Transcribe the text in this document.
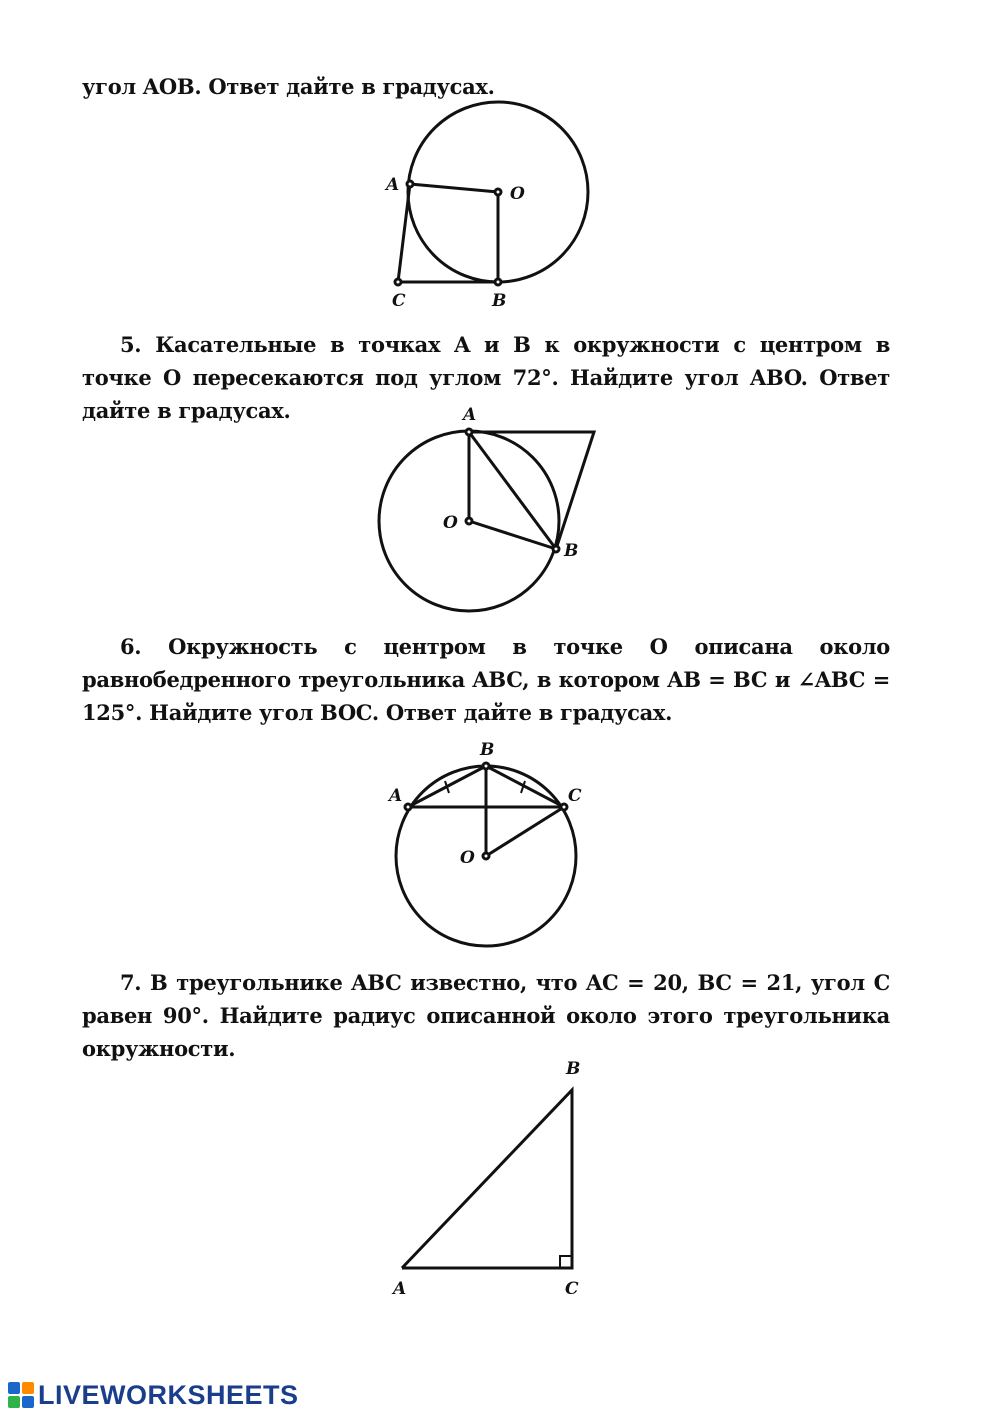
угол AOB. Ответ дайте в градусах.
5. Касательные в точках A и B к окружности с центром в точке O пересекаются под углом 72°. Найдите угол ABO. Ответ дайте в градусах.
6. Окружность с центром в точке O описана около равнобедренного треугольника ABC, в котором AB = BC и ∠ABC = 125°. Найдите угол BOC. Ответ дайте в градусах.
7. В треугольнике ABC известно, что AC = 20, BC = 21, угол C равен 90°. Найдите радиус описанной около этого треугольника окружности.
A	O
B
C
A
O
B
B
A	C
O
B
A	C
LIVEWORKSHEETS
